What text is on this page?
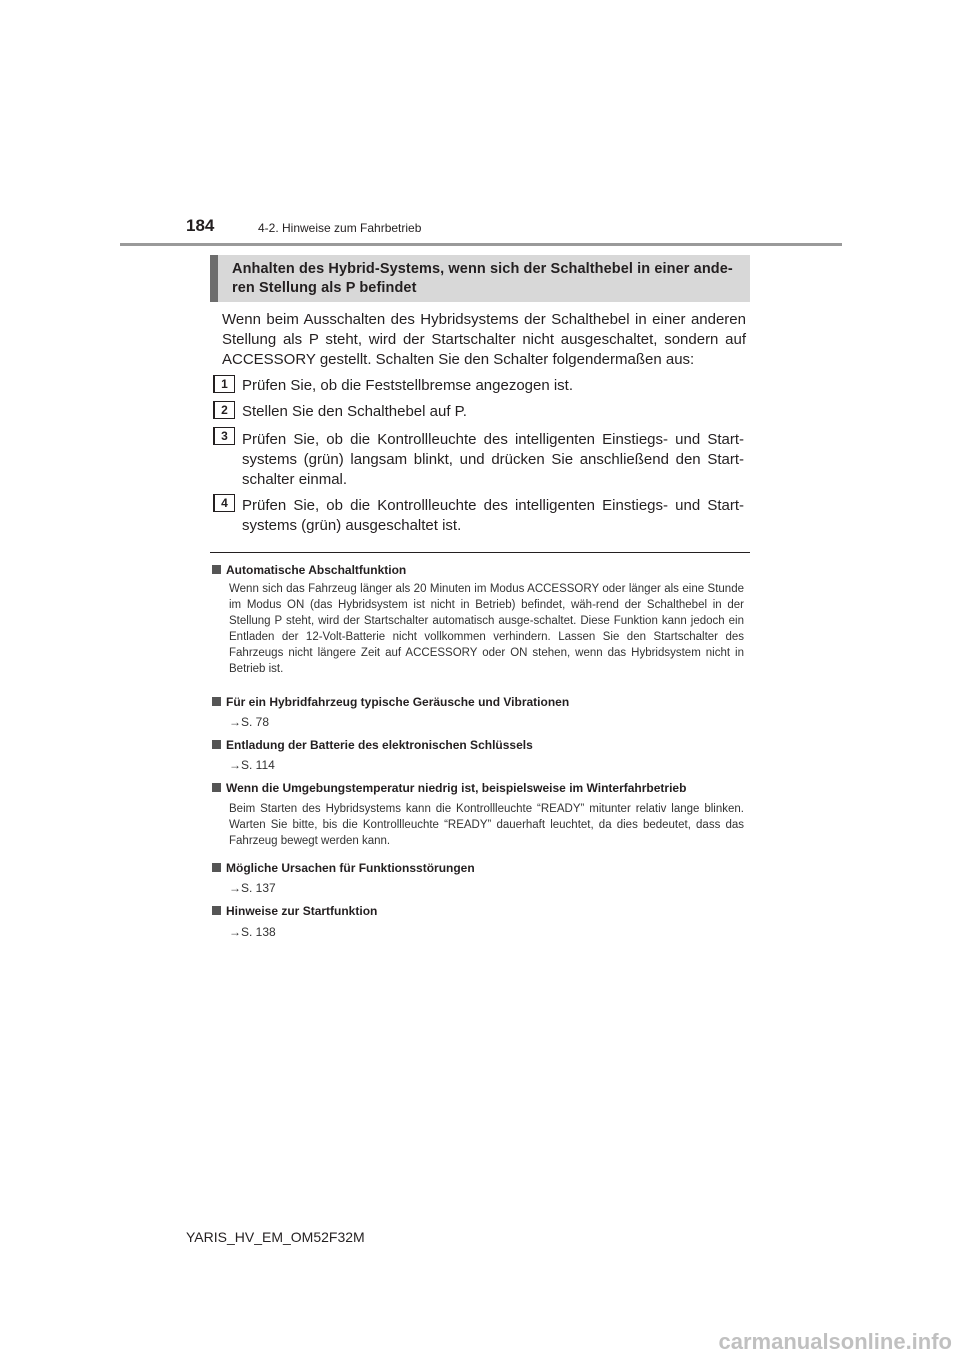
184	4-2. Hinweise zum Fahrbetrieb
Anhalten des Hybrid-Systems, wenn sich der Schalthebel in einer ande-ren Stellung als P befindet

Wenn beim Ausschalten des Hybridsystems der Schalthebel in einer anderen Stellung als P steht, wird der Startschalter nicht ausgeschaltet, sondern auf ACCESSORY gestellt. Schalten Sie den Schalter folgendermaßen aus:

1 Prüfen Sie, ob die Feststellbremse angezogen ist.

2 Stellen Sie den Schalthebel auf P.

3 Prüfen Sie, ob die Kontrollleuchte des intelligenten Einstiegs- und Start-systems (grün) langsam blinkt, und drücken Sie anschließend den Start-schalter einmal.

4 Prüfen Sie, ob die Kontrollleuchte des intelligenten Einstiegs- und Start-systems (grün) ausgeschaltet ist.

Automatische Abschaltfunktion

Wenn sich das Fahrzeug länger als 20 Minuten im Modus ACCESSORY oder länger als eine Stunde im Modus ON (das Hybridsystem ist nicht in Betrieb) befindet, wäh-rend der Schalthebel in der Stellung P steht, wird der Startschalter automatisch ausge-schaltet. Diese Funktion kann jedoch ein Entladen der 12-Volt-Batterie nicht vollkommen verhindern. Lassen Sie den Startschalter des Fahrzeugs nicht längere Zeit auf ACCESSORY oder ON stehen, wenn das Hybridsystem nicht in Betrieb ist.

Für ein Hybridfahrzeug typische Geräusche und Vibrationen

→S. 78

Entladung der Batterie des elektronischen Schlüssels

→S. 114

Wenn die Umgebungstemperatur niedrig ist, beispielsweise im Winterfahrbetrieb

Beim Starten des Hybridsystems kann die Kontrollleuchte “READY” mitunter relativ lange blinken. Warten Sie bitte, bis die Kontrollleuchte “READY” dauerhaft leuchtet, da dies bedeutet, dass das Fahrzeug bewegt werden kann.

Mögliche Ursachen für Funktionsstörungen

→S. 137

Hinweise zur Startfunktion

→S. 138
YARIS_HV_EM_OM52F32M
carmanualsonline.info
